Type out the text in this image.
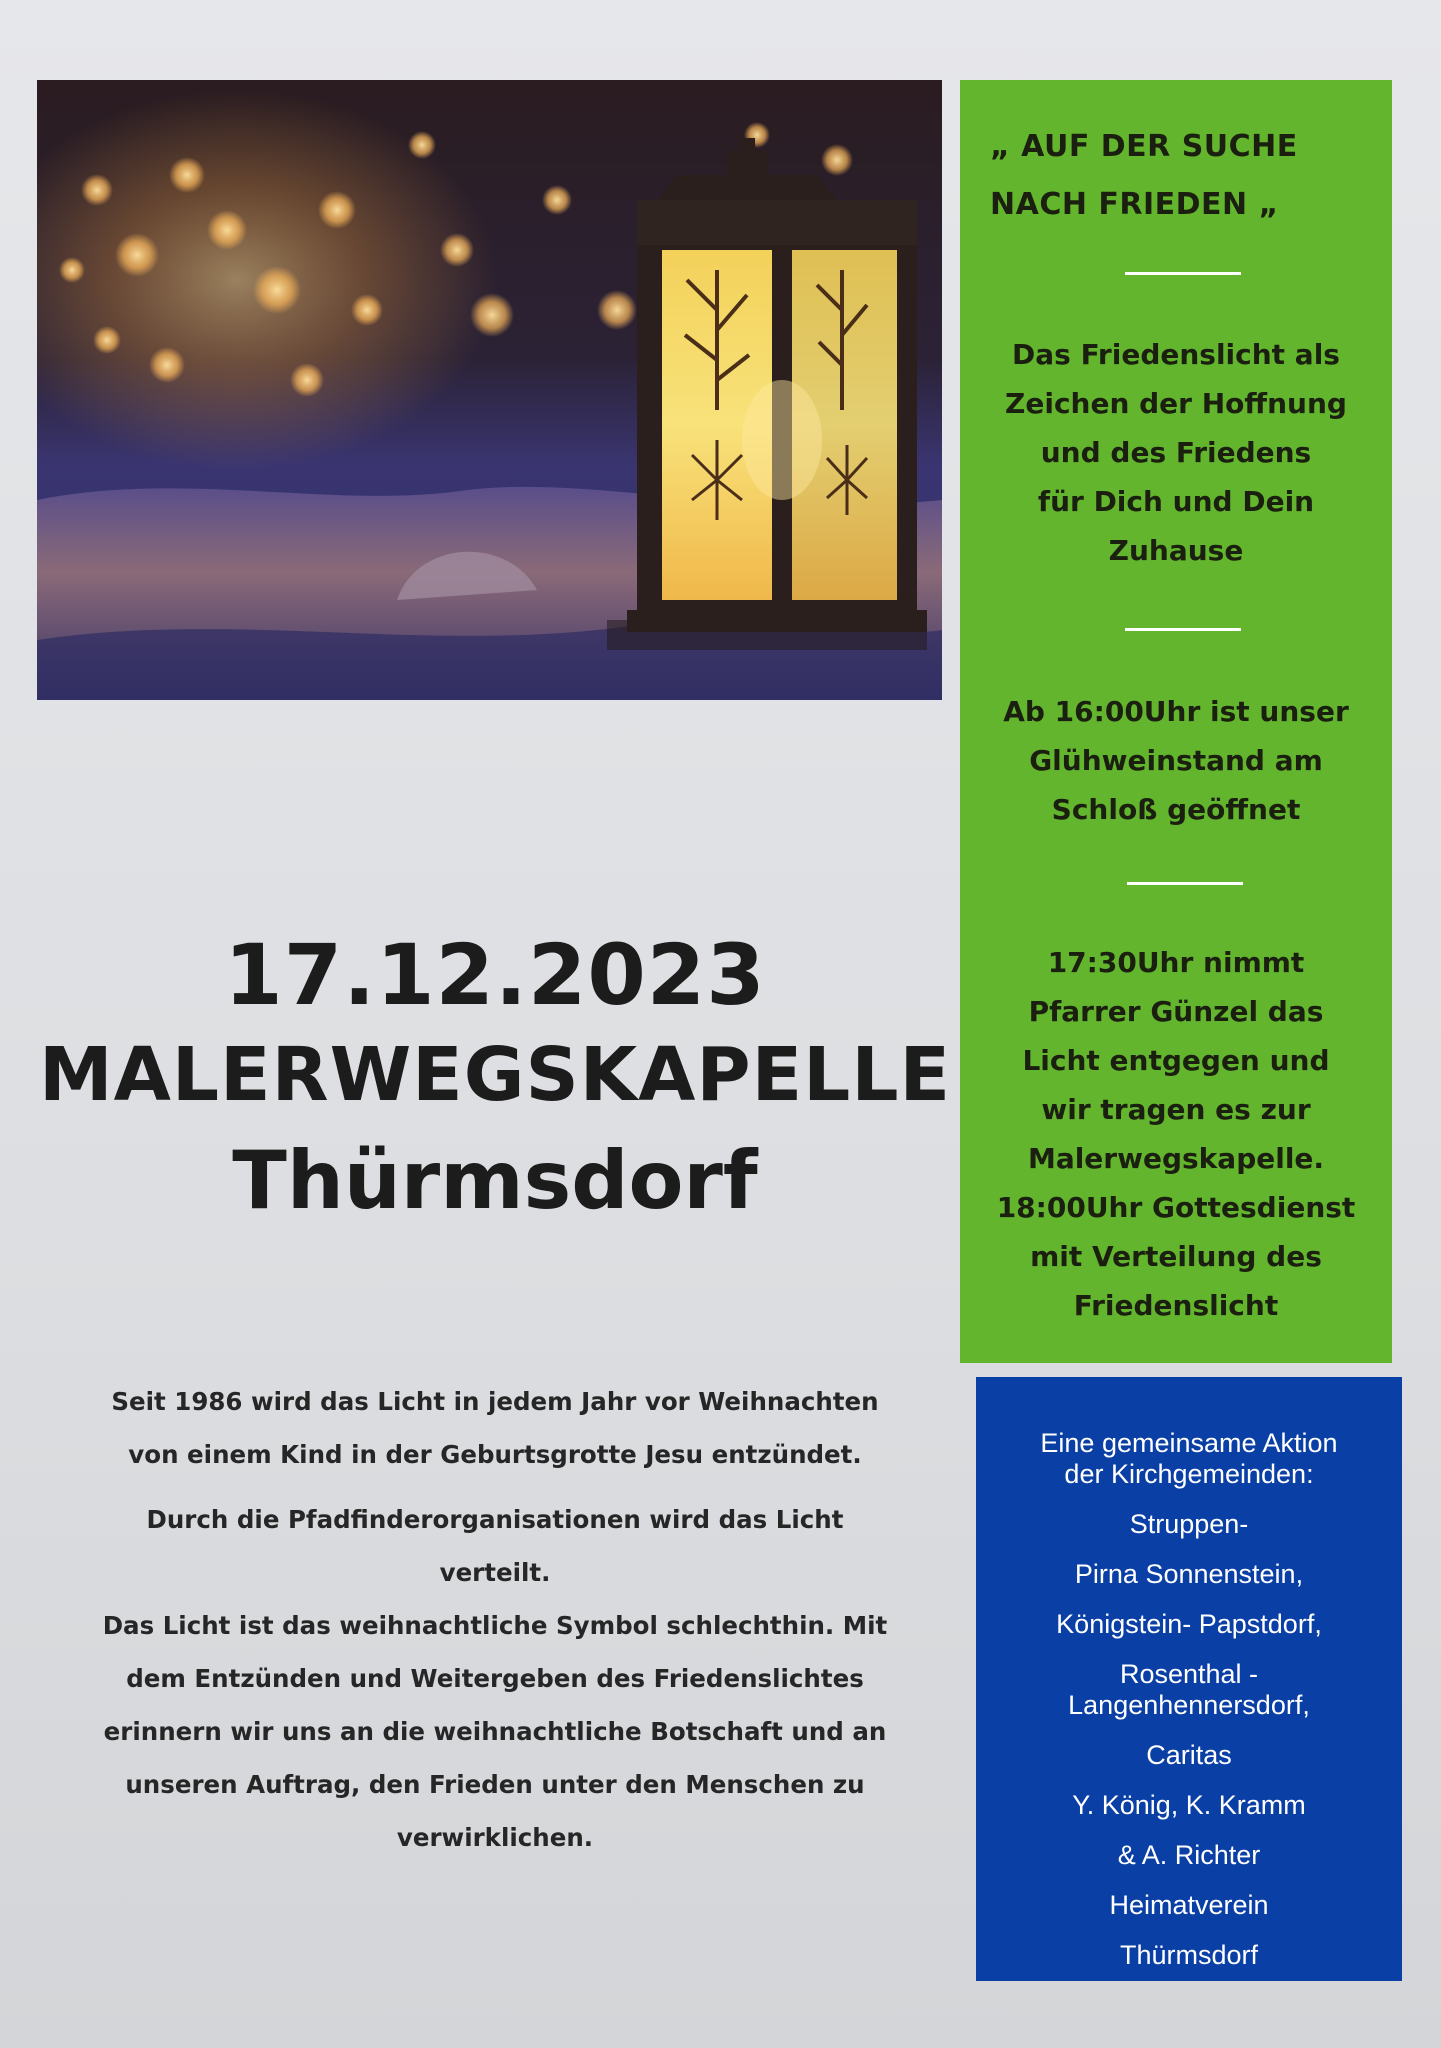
17.12.2023
MALERWEGSKAPELLE
Thürmsdorf

Seit 1986 wird das Licht in jedem Jahr vor Weihnachten

von einem Kind in der Geburtsgrotte Jesu entzündet.

Durch die Pfadfinderorganisationen wird das Licht

verteilt.

Das Licht ist das weihnachtliche Symbol schlechthin. Mit

dem Entzünden und Weitergeben des Friedenslichtes

erinnern wir uns an die weihnachtliche Botschaft und an

unseren Auftrag, den Frieden unter den Menschen zu

verwirklichen.

„ AUF DER SUCHE
NACH FRIEDEN „
Das Friedenslicht als
Zeichen der Hoffnung
und des Friedens
für Dich und Dein
Zuhause
Ab 16:00Uhr ist unser
Glühweinstand am
Schloß geöffnet
17:30Uhr nimmt
Pfarrer Günzel das
Licht entgegen und
wir tragen es zur
Malerwegskapelle.
18:00Uhr Gottesdienst
mit Verteilung des
Friedenslicht
Eine gemeinsame Aktion
der Kirchgemeinden:
Struppen-
Pirna Sonnenstein,
Königstein- Papstdorf,
Rosenthal -
Langenhennersdorf,
Caritas
Y. König, K. Kramm
& A. Richter
Heimatverein
Thürmsdorf
